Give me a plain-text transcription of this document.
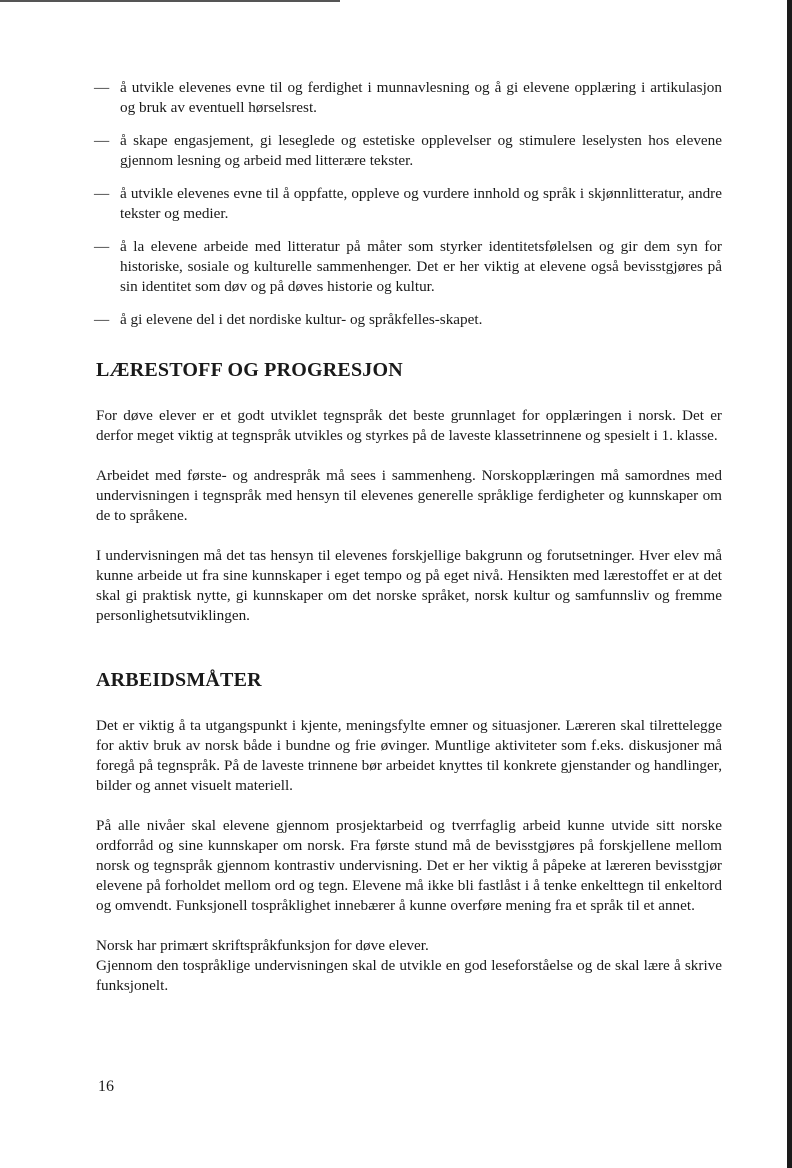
— å utvikle elevenes evne til og ferdighet i munnavlesning og å gi elevene opplæring i artikulasjon og bruk av eventuell hørselsrest.
— å skape engasjement, gi leseglede og estetiske opplevelser og stimulere leselysten hos elevene gjennom lesning og arbeid med litterære tekster.
— å utvikle elevenes evne til å oppfatte, oppleve og vurdere innhold og språk i skjønnlitteratur, andre tekster og medier.
— å la elevene arbeide med litteratur på måter som styrker identitetsfølelsen og gir dem syn for historiske, sosiale og kulturelle sammenhenger. Det er her viktig at elevene også bevisstgjøres på sin identitet som døv og på døves historie og kultur.
— å gi elevene del i det nordiske kultur- og språkfelles-skapet.
LÆRESTOFF OG PROGRESJON

For døve elever er et godt utviklet tegnspråk det beste grunnlaget for opplæringen i norsk. Det er derfor meget viktig at tegnspråk utvikles og styrkes på de laveste klassetrinnene og spesielt i 1. klasse.

Arbeidet med første- og andrespråk må sees i sammenheng. Norskopplæringen må samordnes med undervisningen i tegnspråk med hensyn til elevenes generelle språklige ferdigheter og kunnskaper om de to språkene.

I undervisningen må det tas hensyn til elevenes forskjellige bakgrunn og forutsetninger. Hver elev må kunne arbeide ut fra sine kunnskaper i eget tempo og på eget nivå. Hensikten med lærestoffet er at det skal gi praktisk nytte, gi kunnskaper om det norske språket, norsk kultur og samfunnsliv og fremme personlighetsutviklingen.

ARBEIDSMÅTER

Det er viktig å ta utgangspunkt i kjente, meningsfylte emner og situasjoner. Læreren skal tilrettelegge for aktiv bruk av norsk både i bundne og frie øvinger. Muntlige aktiviteter som f.eks. diskusjoner må foregå på tegnspråk. På de laveste trinnene bør arbeidet knyttes til konkrete gjenstander og handlinger, bilder og annet visuelt materiell.

På alle nivåer skal elevene gjennom prosjektarbeid og tverrfaglig arbeid kunne utvide sitt norske ordforråd og sine kunnskaper om norsk. Fra første stund må de bevisstgjøres på forskjellene mellom norsk og tegnspråk gjennom kontrastiv undervisning. Det er her viktig å påpeke at læreren bevisstgjør elevene på forholdet mellom ord og tegn. Elevene må ikke bli fastlåst i å tenke enkelttegn til enkeltord og omvendt. Funksjonell tospråklighet innebærer å kunne overføre mening fra et språk til et annet.

Norsk har primært skriftspråkfunksjon for døve elever.

Gjennom den tospråklige undervisningen skal de utvikle en god leseforståelse og de skal lære å skrive funksjonelt.

16
